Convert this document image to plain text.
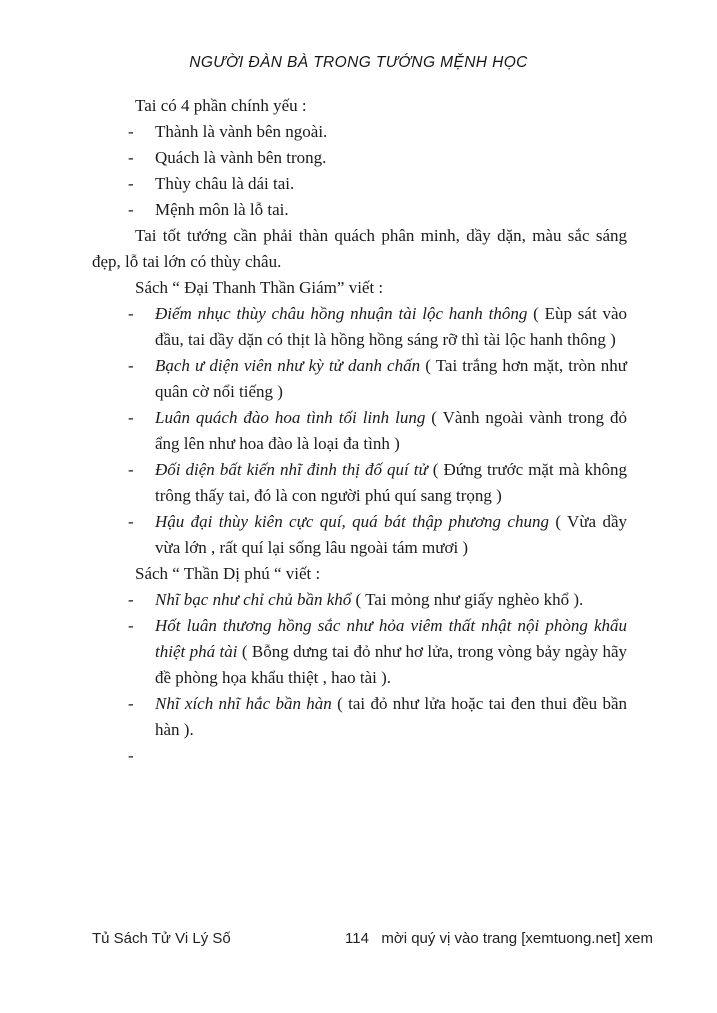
NGƯỜI ĐÀN BÀ TRONG TƯỚNG MỆNH HỌC

Tai có 4 phần chính yếu :

- Thành là vành bên ngoài.
- Quách là vành bên trong.
- Thùy châu là dái tai.
- Mệnh môn là lỗ tai.

Tai tốt tướng cần phải thàn quách phân minh, dầy dặn, màu sắc sáng đẹp, lỗ tai lớn có thùy châu.

Sách “ Đại Thanh Thần Giám” viết :

- Điếm nhục thùy châu hồng nhuận tài lộc hanh thông ( Eùp sát vào đầu, tai dầy dặn có thịt là hồng hồng sáng rỡ thì tài lộc hanh thông )
- Bạch ư diện viên như kỳ tử danh chấn ( Tai trắng hơn mặt, tròn như quân cờ nổi tiếng )
- Luân quách đào hoa tình tối linh lung ( Vành ngoài vành trong đỏ ẩng lên như hoa đào là loại đa tình )
- Đối diện bất kiến nhĩ đinh thị đố quí tử ( Đứng trước mặt mà không trông thấy tai, đó là con người phú quí sang trọng )
- Hậu đại thùy kiên cực quí, quá bát thập phương chung ( Vừa dầy vừa lớn , rất quí lại sống lâu ngoài tám mươi )

Sách “ Thần Dị phú “ viết :

- Nhĩ bạc như chỉ chủ bần khổ ( Tai mỏng như giấy nghèo khổ ).
- Hốt luân thương hồng sắc như hỏa viêm thất nhật nội phòng khẩu thiệt phá tài ( Bỗng dưng tai đỏ như hơ lửa, trong vòng bảy ngày hãy đề phòng họa khẩu thiệt , hao tài ).
- Nhĩ xích nhĩ hắc bần hàn ( tai đỏ như lửa hoặc tai đen thui đều bần hàn ).
-
Tủ Sách Tử Vi Lý Số	114 mời quý vị vào trang [xemtuong.net] xem
